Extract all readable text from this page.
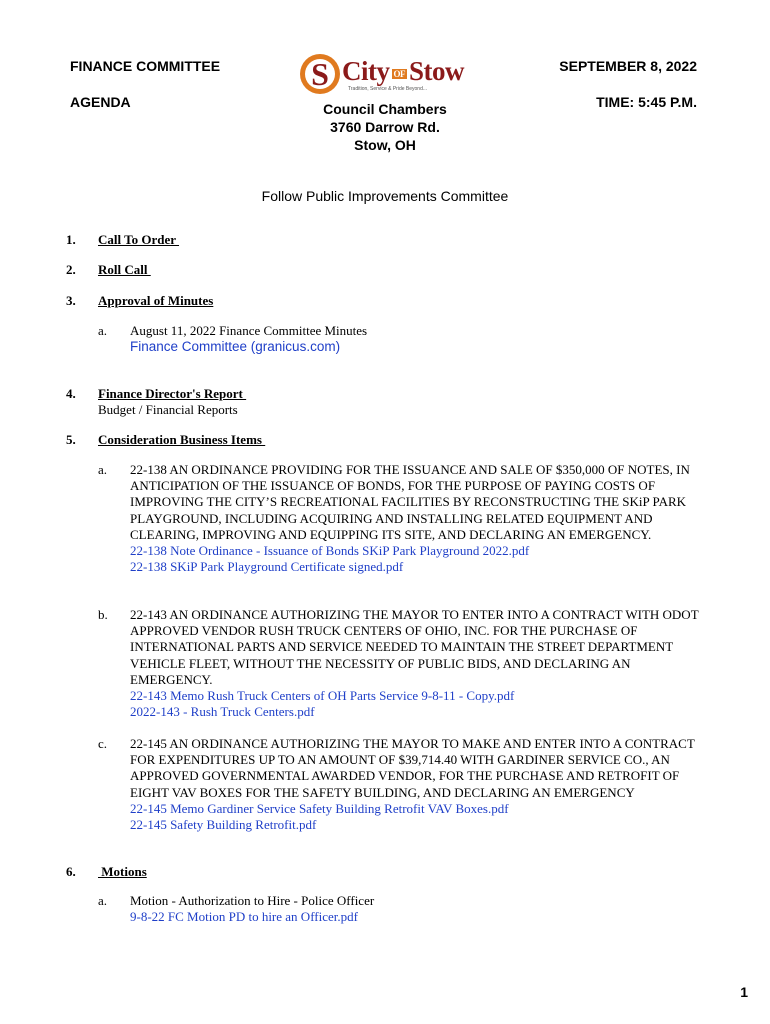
FINANCE COMMITTEE
AGENDA
SEPTEMBER 8, 2022
TIME: 5:45 P.M.
S City OF Stow
Tradition, Service & Pride Beyond...
Council Chambers
3760 Darrow Rd.
Stow, OH
Follow Public Improvements Committee
1. Call To Order
2. Roll Call
3. Approval of Minutes
a. August 11, 2022 Finance Committee Minutes
Finance Committee (granicus.com)
4. Finance Director's Report
Budget / Financial Reports
5. Consideration Business Items
a. 22-138 AN ORDINANCE PROVIDING FOR THE ISSUANCE AND SALE OF $350,000 OF NOTES, IN ANTICIPATION OF THE ISSUANCE OF BONDS, FOR THE PURPOSE OF PAYING COSTS OF IMPROVING THE CITY’S RECREATIONAL FACILITIES BY RECONSTRUCTING THE SKiP PARK PLAYGROUND, INCLUDING ACQUIRING AND INSTALLING RELATED EQUIPMENT AND CLEARING, IMPROVING AND EQUIPPING ITS SITE, AND DECLARING AN EMERGENCY.
22-138 Note Ordinance - Issuance of Bonds SKiP Park Playground 2022.pdf
22-138 SKiP Park Playground Certificate signed.pdf
b. 22-143 AN ORDINANCE AUTHORIZING THE MAYOR TO ENTER INTO A CONTRACT WITH ODOT APPROVED VENDOR RUSH TRUCK CENTERS OF OHIO, INC. FOR THE PURCHASE OF INTERNATIONAL PARTS AND SERVICE NEEDED TO MAINTAIN THE STREET DEPARTMENT VEHICLE FLEET, WITHOUT THE NECESSITY OF PUBLIC BIDS, AND DECLARING AN EMERGENCY.
22-143 Memo Rush Truck Centers of OH Parts Service 9-8-11 - Copy.pdf
2022-143 - Rush Truck Centers.pdf
c. 22-145 AN ORDINANCE AUTHORIZING THE MAYOR TO MAKE AND ENTER INTO A CONTRACT FOR EXPENDITURES UP TO AN AMOUNT OF $39,714.40 WITH GARDINER SERVICE CO., AN APPROVED GOVERNMENTAL AWARDED VENDOR, FOR THE PURCHASE AND RETROFIT OF EIGHT VAV BOXES FOR THE SAFETY BUILDING, AND DECLARING AN EMERGENCY
22-145 Memo Gardiner Service Safety Building Retrofit VAV Boxes.pdf
22-145 Safety Building Retrofit.pdf
6. Motions
a. Motion - Authorization to Hire - Police Officer
9-8-22 FC Motion PD to hire an Officer.pdf
1
